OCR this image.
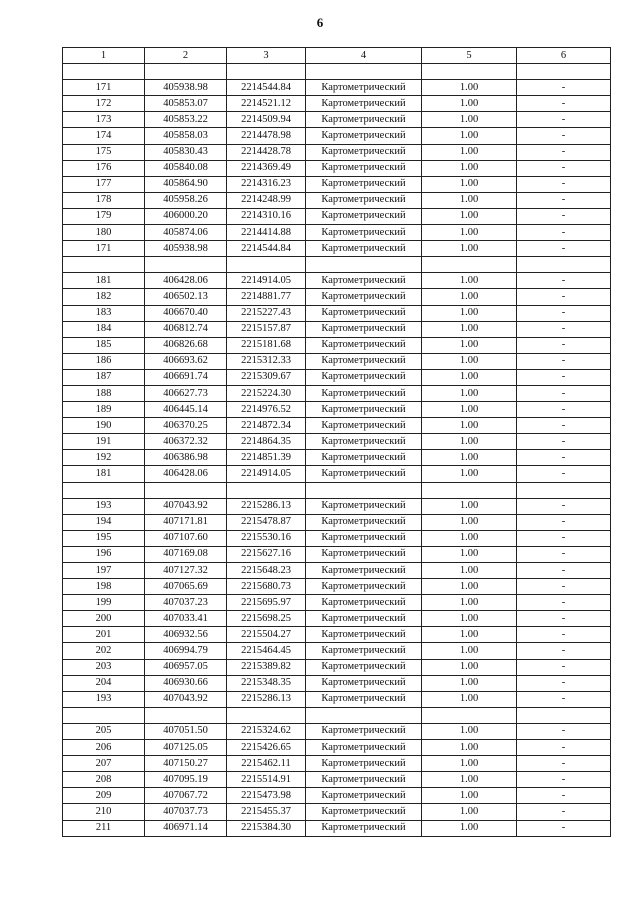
6
1	2	3	4	5	6

171	405938.98	2214544.84	Картометрический	1.00	-
172	405853.07	2214521.12	Картометрический	1.00	-
173	405853.22	2214509.94	Картометрический	1.00	-
174	405858.03	2214478.98	Картометрический	1.00	-
175	405830.43	2214428.78	Картометрический	1.00	-
176	405840.08	2214369.49	Картометрический	1.00	-
177	405864.90	2214316.23	Картометрический	1.00	-
178	405958.26	2214248.99	Картометрический	1.00	-
179	406000.20	2214310.16	Картометрический	1.00	-
180	405874.06	2214414.88	Картометрический	1.00	-
171	405938.98	2214544.84	Картометрический	1.00	-

181	406428.06	2214914.05	Картометрический	1.00	-
182	406502.13	2214881.77	Картометрический	1.00	-
183	406670.40	2215227.43	Картометрический	1.00	-
184	406812.74	2215157.87	Картометрический	1.00	-
185	406826.68	2215181.68	Картометрический	1.00	-
186	406693.62	2215312.33	Картометрический	1.00	-
187	406691.74	2215309.67	Картометрический	1.00	-
188	406627.73	2215224.30	Картометрический	1.00	-
189	406445.14	2214976.52	Картометрический	1.00	-
190	406370.25	2214872.34	Картометрический	1.00	-
191	406372.32	2214864.35	Картометрический	1.00	-
192	406386.98	2214851.39	Картометрический	1.00	-
181	406428.06	2214914.05	Картометрический	1.00	-

193	407043.92	2215286.13	Картометрический	1.00	-
194	407171.81	2215478.87	Картометрический	1.00	-
195	407107.60	2215530.16	Картометрический	1.00	-
196	407169.08	2215627.16	Картометрический	1.00	-
197	407127.32	2215648.23	Картометрический	1.00	-
198	407065.69	2215680.73	Картометрический	1.00	-
199	407037.23	2215695.97	Картометрический	1.00	-
200	407033.41	2215698.25	Картометрический	1.00	-
201	406932.56	2215504.27	Картометрический	1.00	-
202	406994.79	2215464.45	Картометрический	1.00	-
203	406957.05	2215389.82	Картометрический	1.00	-
204	406930.66	2215348.35	Картометрический	1.00	-
193	407043.92	2215286.13	Картометрический	1.00	-

205	407051.50	2215324.62	Картометрический	1.00	-
206	407125.05	2215426.65	Картометрический	1.00	-
207	407150.27	2215462.11	Картометрический	1.00	-
208	407095.19	2215514.91	Картометрический	1.00	-
209	407067.72	2215473.98	Картометрический	1.00	-
210	407037.73	2215455.37	Картометрический	1.00	-
211	406971.14	2215384.30	Картометрический	1.00	-
